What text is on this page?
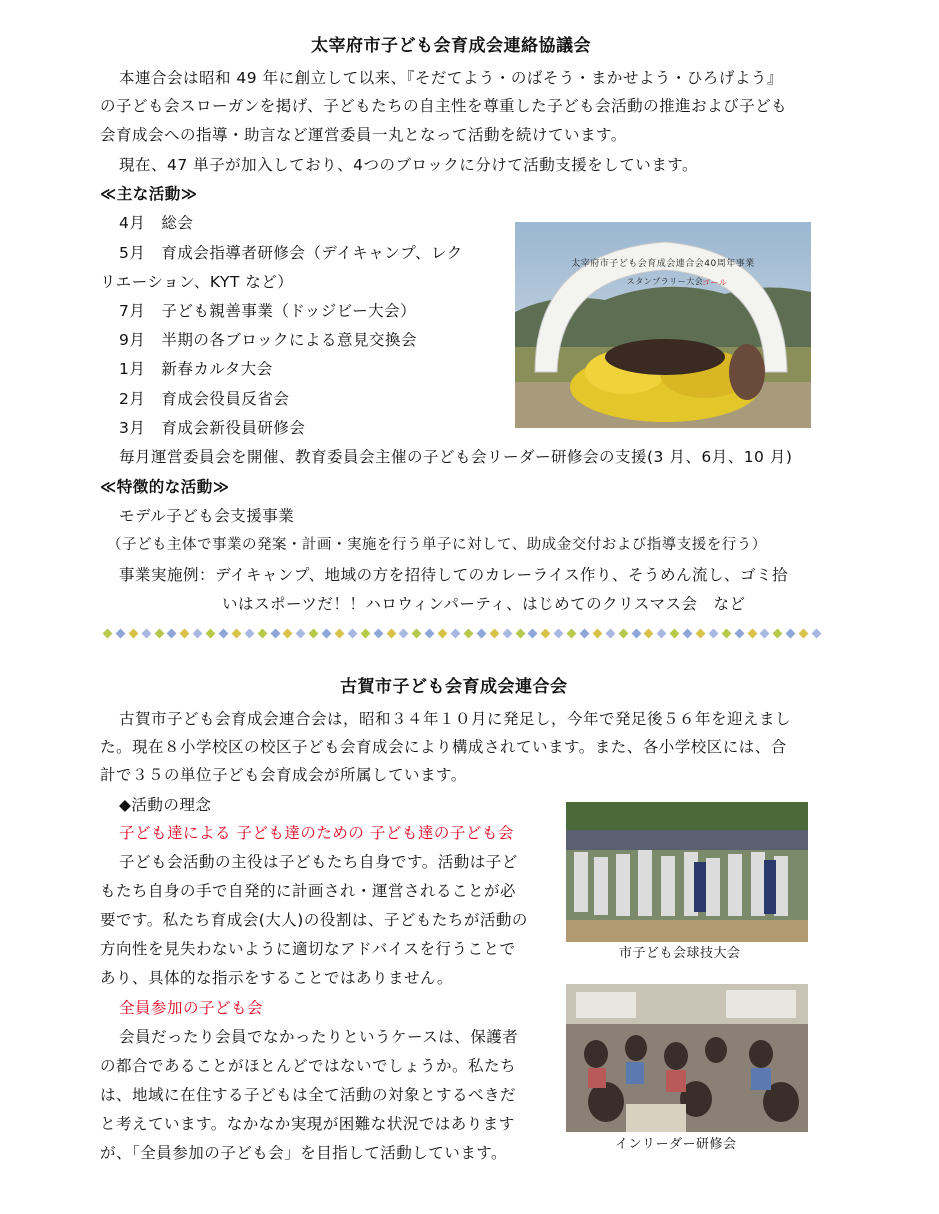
太宰府市子ども会育成会連絡協議会
本連合会は昭和 49 年に創立して以来、『そだてよう・のばそう・まかせよう・ひろげよう』
の子ども会スローガンを掲げ、子どもたちの自主性を尊重した子ども会活動の推進および子ども
会育成会への指導・助言など運営委員一丸となって活動を続けています。
現在、47 単子が加入しており、4つのブロックに分けて活動支援をしています。
≪主な活動≫
4月　総会
5月　育成会指導者研修会（デイキャンプ、レク
リエーション、KYT など）
7月　子ども親善事業（ドッジビー大会）
9月　半期の各ブロックによる意見交換会
1月　新春カルタ大会
2月　育成会役員反省会
3月　育成会新役員研修会
太宰府市子ども会育成会連合会40周年事業
スタンプラリー大会
ゴール
毎月運営委員会を開催、教育委員会主催の子ども会リーダー研修会の支援(3 月、6月、10 月)
≪特徴的な活動≫
モデル子ども会支援事業
（子ども主体で事業の発案・計画・実施を行う単子に対して、助成金交付および指導支援を行う）
事業実施例：デイキャンプ、地域の方を招待してのカレーライス作り、そうめん流し、ゴミ拾
いはスポーツだ！！ハロウィンパーティ、はじめてのクリスマス会　など
古賀市子ども会育成会連合会
古賀市子ども会育成会連合会は，昭和３４年１０月に発足し，今年で発足後５６年を迎えまし
た。現在８小学校区の校区子ども会育成会により構成されています。また、各小学校区には、合
計で３５の単位子ども会育成会が所属しています。
◆活動の理念
子ども達による 子ども達のための 子ども達の子ども会
子ども会活動の主役は子どもたち自身です。活動は子ど
もたち自身の手で自発的に計画され・運営されることが必
要です。私たち育成会(大人)の役割は、子どもたちが活動の
方向性を見失わないように適切なアドバイスを行うことで
あり、具体的な指示をすることではありません。
全員参加の子ども会
会員だったり会員でなかったりというケースは、保護者
の都合であることがほとんどではないでしょうか。私たち
は、地域に在住する子どもは全て活動の対象とするべきだ
と考えています。なかなか実現が困難な状況ではあります
が、「全員参加の子ども会」を目指して活動しています。
市子ども会球技大会
インリーダー研修会
